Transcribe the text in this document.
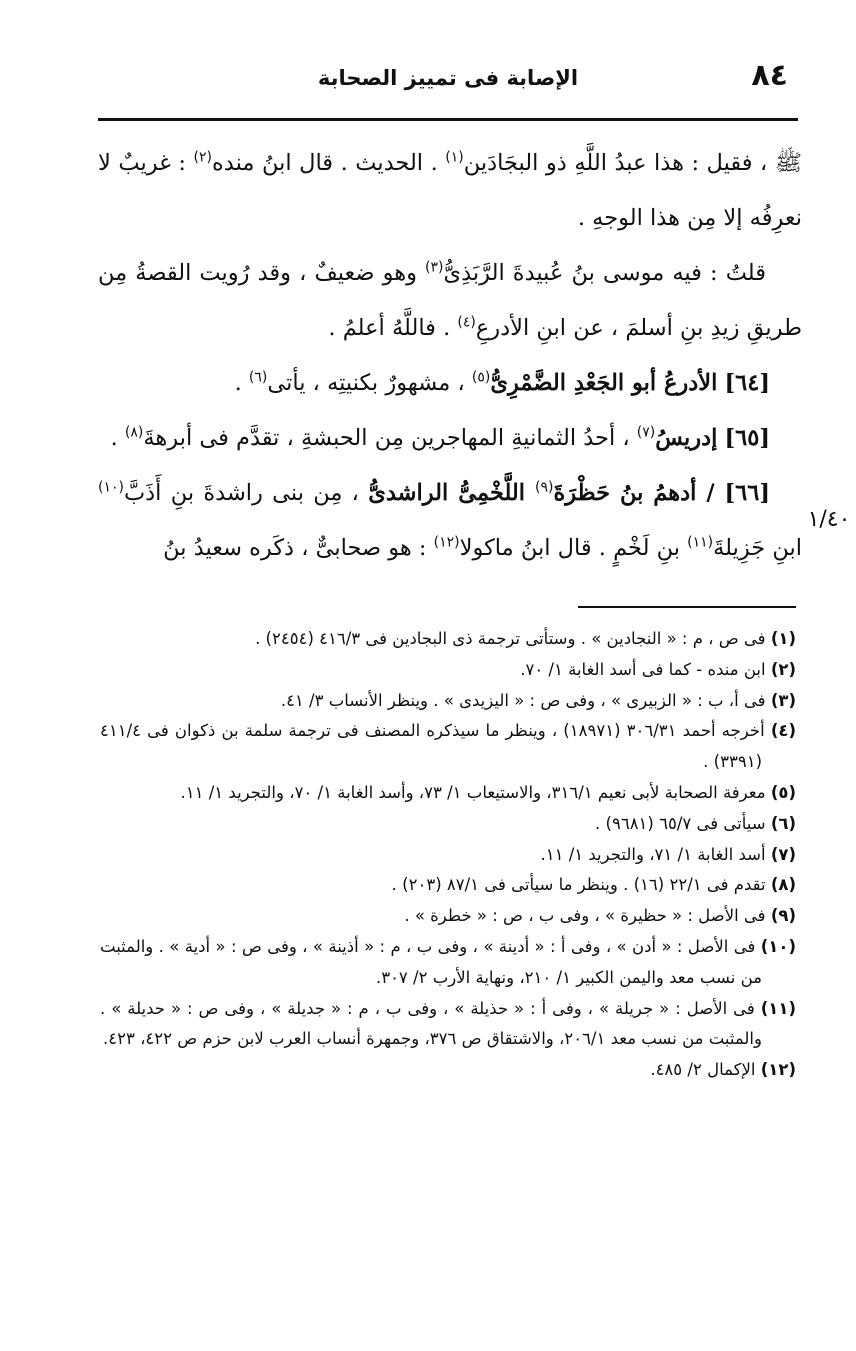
٨٤
الإصابة فى تمييز الصحابة
١/٤٠

ﷺ ، فقيل : هذا عبدُ اللَّهِ ذو البجَادَين$^{(١)}$ . الحديث . قال ابنُ منده$^{(٢)}$ : غريبٌ لا نعرِفُه إلا مِن هذا الوجهِ .

قلتُ : فيه موسى بنُ عُبيدةَ الرَّبَذِىُّ$^{(٣)}$ وهو ضعيفٌ ، وقد رُويت القصةُ مِن طريقِ زيدِ بنِ أسلمَ ، عن ابنِ الأدرعِ$^{(٤)}$ . فاللَّهُ أعلمُ .

[٦٤] الأدرعُ أبو الجَعْدِ الضَّمْرِىُّ$^{(٥)}$ ، مشهورٌ بكنيتِه ، يأتى$^{(٦)}$ .

[٦٥] إدريسُ$^{(٧)}$ ، أحدُ الثمانيةِ المهاجرين مِن الحبشةِ ، تقدَّم فى أبرهةَ$^{(٨)}$ .

[٦٦] / أدهمُ بنُ حَظْرَةَ$^{(٩)}$ اللَّخْمِىُّ الراشدىُّ ، مِن بنى راشدةَ بنِ أَذَبَّ$^{(١٠)}$ ابنِ جَزِيلةَ$^{(١١)}$ بنِ لَخْمٍ . قال ابنُ ماكولا$^{(١٢)}$ : هو صحابىٌّ ، ذكَره سعيدُ بنُ

(١) فى ص ، م : « النجادين » . وستأتى ترجمة ذى البجادين فى ٤١٦/٣ (٢٤٥٤) .

(٢) ابن منده - كما فى أسد الغابة ١/ ٧٠.

(٣) فى أ، ب : « الزبيرى » ، وفى ص : « اليزيدى » . وينظر الأنساب ٣/ ٤١.

(٤) أخرجه أحمد ٣٠٦/٣١ (١٨٩٧١) ، وينظر ما سيذكره المصنف فى ترجمة سلمة بن ذكوان فى ٤١١/٤ (٣٣٩١) .

(٥) معرفة الصحابة لأبى نعيم ٣١٦/١، والاستيعاب ١/ ٧٣، وأسد الغابة ١/ ٧٠، والتجريد ١/ ١١.

(٦) سيأتى فى ٦٥/٧ (٩٦٨١) .

(٧) أسد الغابة ١/ ٧١، والتجريد ١/ ١١.

(٨) تقدم فى ٢٢/١ (١٦) . وينظر ما سيأتى فى ٨٧/١ (٢٠٣) .

(٩) فى الأصل : « حظيرة » ، وفى ب ، ص : « خطرة » .

(١٠) فى الأصل : « أدن » ، وفى أ : « أدينة » ، وفى ب ، م : « أذينة » ، وفى ص : « أدية » . والمثبت من نسب معد واليمن الكبير ١/ ٢١٠، ونهاية الأرب ٢/ ٣٠٧.

(١١) فى الأصل : « جريلة » ، وفى أ : « حذيلة » ، وفى ب ، م : « جديلة » ، وفى ص : « حديلة » . والمثبت من نسب معد ٢٠٦/١، والاشتقاق ص ٣٧٦، وجمهرة أنساب العرب لابن حزم ص ٤٢٢، ٤٢٣.

(١٢) الإكمال ٢/ ٤٨٥.
